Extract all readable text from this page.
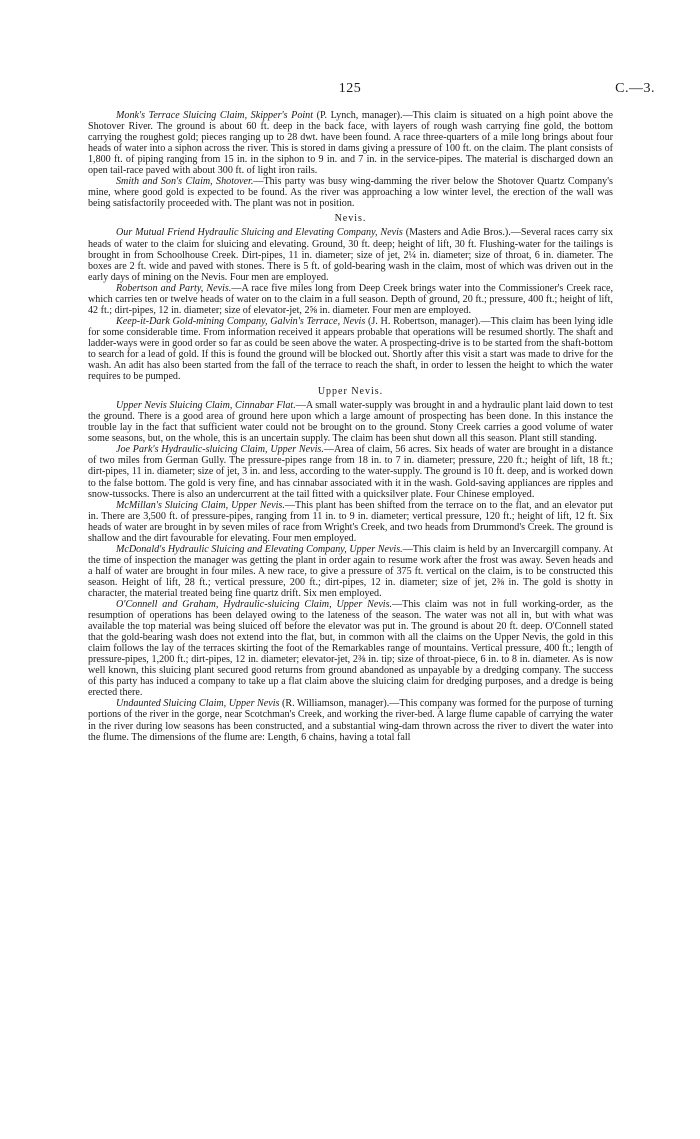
125	C.—3.

Monk's Terrace Sluicing Claim, Skipper's Point (P. Lynch, manager).—This claim is situated on a high point above the Shotover River. The ground is about 60 ft. deep in the back face, with layers of rough wash carrying fine gold, the bottom carrying the roughest gold; pieces ranging up to 28 dwt. have been found. A race three-quarters of a mile long brings about four heads of water into a siphon across the river. This is stored in dams giving a pressure of 100 ft. on the claim. The plant consists of 1,800 ft. of piping ranging from 15 in. in the siphon to 9 in. and 7 in. in the service-pipes. The material is discharged down an open tail-race paved with about 300 ft. of light iron rails.

Smith and Son's Claim, Shotover.—This party was busy wing-damming the river below the Shotover Quartz Company's mine, where good gold is expected to be found. As the river was approaching a low winter level, the erection of the wall was being satisfactorily proceeded with. The plant was not in position.

Nevis.

Our Mutual Friend Hydraulic Sluicing and Elevating Company, Nevis (Masters and Adie Bros.).—Several races carry six heads of water to the claim for sluicing and elevating. Ground, 30 ft. deep; height of lift, 30 ft. Flushing-water for the tailings is brought in from Schoolhouse Creek. Dirt-pipes, 11 in. diameter; size of jet, 2¼ in. diameter; size of throat, 6 in. diameter. The boxes are 2 ft. wide and paved with stones. There is 5 ft. of gold-bearing wash in the claim, most of which was driven out in the early days of mining on the Nevis. Four men are employed.

Robertson and Party, Nevis.—A race five miles long from Deep Creek brings water into the Commissioner's Creek race, which carries ten or twelve heads of water on to the claim in a full season. Depth of ground, 20 ft.; pressure, 400 ft.; height of lift, 42 ft.; dirt-pipes, 12 in. diameter; size of elevator-jet, 2⅝ in. diameter. Four men are employed.

Keep-it-Dark Gold-mining Company, Galvin's Terrace, Nevis (J. H. Robertson, manager).—This claim has been lying idle for some considerable time. From information received it appears probable that operations will be resumed shortly. The shaft and ladder-ways were in good order so far as could be seen above the water. A prospecting-drive is to be started from the shaft-bottom to search for a lead of gold. If this is found the ground will be blocked out. Shortly after this visit a start was made to drive for the wash. An adit has also been started from the fall of the terrace to reach the shaft, in order to lessen the height to which the water requires to be pumped.

Upper Nevis.

Upper Nevis Sluicing Claim, Cinnabar Flat.—A small water-supply was brought in and a hydraulic plant laid down to test the ground. There is a good area of ground here upon which a large amount of prospecting has been done. In this instance the trouble lay in the fact that sufficient water could not be brought on to the ground. Stony Creek carries a good volume of water some seasons, but, on the whole, this is an uncertain supply. The claim has been shut down all this season. Plant still standing.

Joe Park's Hydraulic-sluicing Claim, Upper Nevis.—Area of claim, 56 acres. Six heads of water are brought in a distance of two miles from German Gully. The pressure-pipes range from 18 in. to 7 in. diameter; pressure, 220 ft.; height of lift, 18 ft.; dirt-pipes, 11 in. diameter; size of jet, 3 in. and less, according to the water-supply. The ground is 10 ft. deep, and is worked down to the false bottom. The gold is very fine, and has cinnabar associated with it in the wash. Gold-saving appliances are ripples and snow-tussocks. There is also an undercurrent at the tail fitted with a quicksilver plate. Four Chinese employed.

McMillan's Sluicing Claim, Upper Nevis.—This plant has been shifted from the terrace on to the flat, and an elevator put in. There are 3,500 ft. of pressure-pipes, ranging from 11 in. to 9 in. diameter; vertical pressure, 120 ft.; height of lift, 12 ft. Six heads of water are brought in by seven miles of race from Wright's Creek, and two heads from Drummond's Creek. The ground is shallow and the dirt favourable for elevating. Four men employed.

McDonald's Hydraulic Sluicing and Elevating Company, Upper Nevis.—This claim is held by an Invercargill company. At the time of inspection the manager was getting the plant in order again to resume work after the frost was away. Seven heads and a half of water are brought in four miles. A new race, to give a pressure of 375 ft. vertical on the claim, is to be constructed this season. Height of lift, 28 ft.; vertical pressure, 200 ft.; dirt-pipes, 12 in. diameter; size of jet, 2⅜ in. The gold is shotty in character, the material treated being fine quartz drift. Six men employed.

O'Connell and Graham, Hydraulic-sluicing Claim, Upper Nevis.—This claim was not in full working-order, as the resumption of operations has been delayed owing to the lateness of the season. The water was not all in, but with what was available the top material was being sluiced off before the elevator was put in. The ground is about 20 ft. deep. O'Connell stated that the gold-bearing wash does not extend into the flat, but, in common with all the claims on the Upper Nevis, the gold in this claim follows the lay of the terraces skirting the foot of the Remarkables range of mountains. Vertical pressure, 400 ft.; length of pressure-pipes, 1,200 ft.; dirt-pipes, 12 in. diameter; elevator-jet, 2⅜ in. tip; size of throat-piece, 6 in. to 8 in. diameter. As is now well known, this sluicing plant secured good returns from ground abandoned as unpayable by a dredging company. The success of this party has induced a company to take up a flat claim above the sluicing claim for dredging purposes, and a dredge is being erected there.

Undaunted Sluicing Claim, Upper Nevis (R. Williamson, manager).—This company was formed for the purpose of turning portions of the river in the gorge, near Scotchman's Creek, and working the river-bed. A large flume capable of carrying the water in the river during low seasons has been constructed, and a substantial wing-dam thrown across the river to divert the water into the flume. The dimensions of the flume are: Length, 6 chains, having a total fall
